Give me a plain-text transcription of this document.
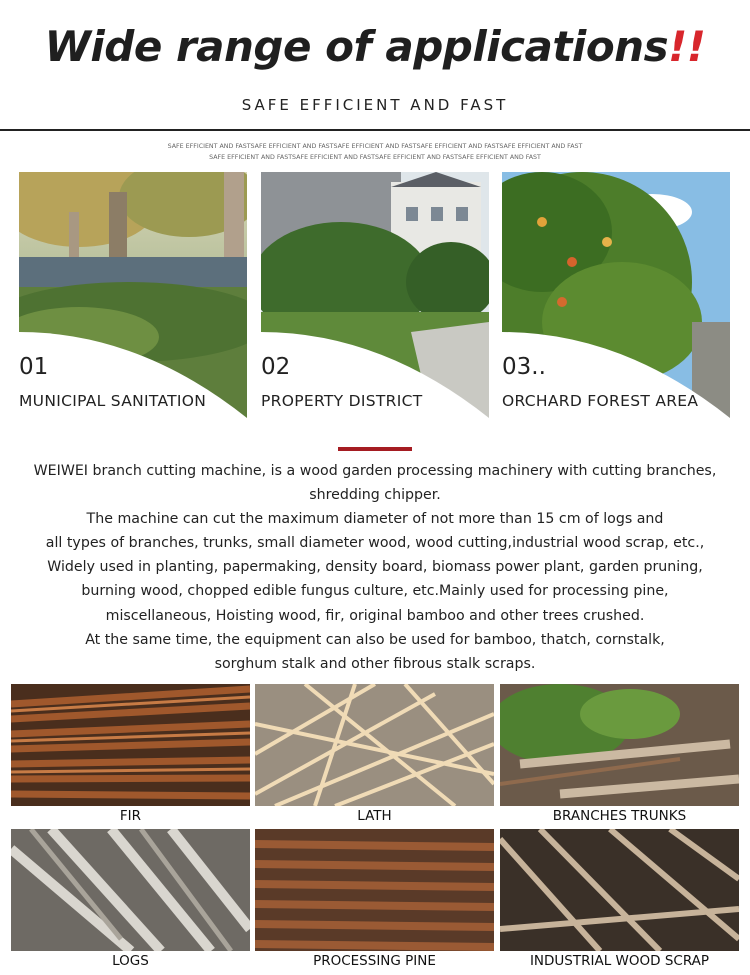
Wide range of applications!!
SAFE EFFICIENT AND FAST
SAFE EFFICIENT AND FASTSAFE EFFICIENT AND FASTSAFE EFFICIENT AND FASTSAFE EFFICIENT AND FASTSAFE EFFICIENT AND FAST
SAFE EFFICIENT AND FASTSAFE EFFICIENT AND FASTSAFE EFFICIENT AND FASTSAFE EFFICIENT AND FAST
01
MUNICIPAL SANITATION
02
PROPERTY DISTRICT
03..
ORCHARD FOREST AREA

WEIWEI branch cutting machine, is a wood garden processing machinery with cutting branches,

shredding chipper.

The machine can cut the maximum diameter of not more than 15 cm of logs and

all types of branches, trunks, small diameter wood, wood cutting,industrial wood scrap, etc.,

Widely used in planting, papermaking, density board, biomass power plant, garden pruning,

burning wood, chopped edible fungus culture, etc.Mainly used for processing pine,

miscellaneous, Hoisting wood, fir, original bamboo and other trees crushed.

At the same time, the equipment can also be used for bamboo, thatch, cornstalk,

sorghum stalk and other fibrous stalk scraps.

FIR	LATH	BRANCHES TRUNKS
LOGS	PROCESSING PINE	INDUSTRIAL WOOD SCRAP
